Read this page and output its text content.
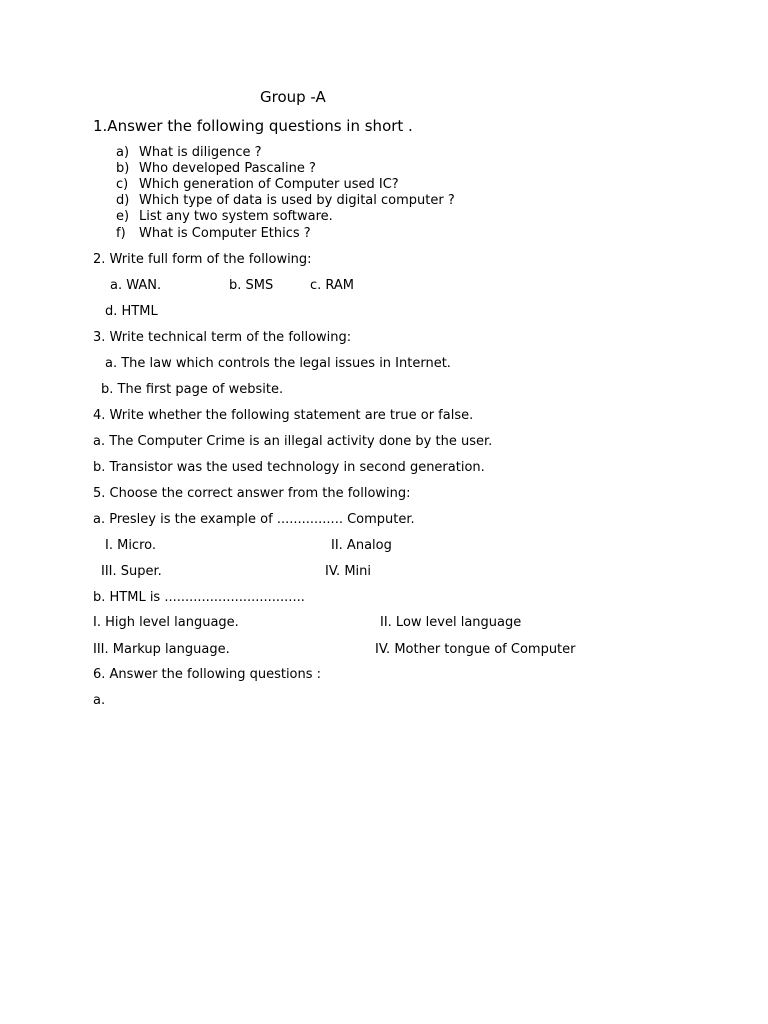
Group -A
1.Answer the following questions in short .
a) What is diligence ?
b) Who developed Pascaline ?
c) Which generation of Computer used IC?
d) Which type of data is used by digital computer ?
e) List any two system software.
f) What is Computer Ethics ?
2. Write full form of the following:
a. WAN.	b. SMS	c. RAM
d. HTML
3. Write technical term of the following:
a. The law which controls the legal issues in Internet.
b. The first page of website.
4. Write whether the following statement are true or false.
a. The Computer Crime is an illegal activity done by the user.
b. Transistor was the used technology in second generation.
5. Choose the correct answer from the following:
a. Presley is the example of ................ Computer.
I. Micro.	II. Analog
III. Super.	IV. Mini
b. HTML is ..................................
I. High level language.	II. Low level language
III. Markup language.	IV. Mother tongue of Computer
6. Answer the following questions :
a.
